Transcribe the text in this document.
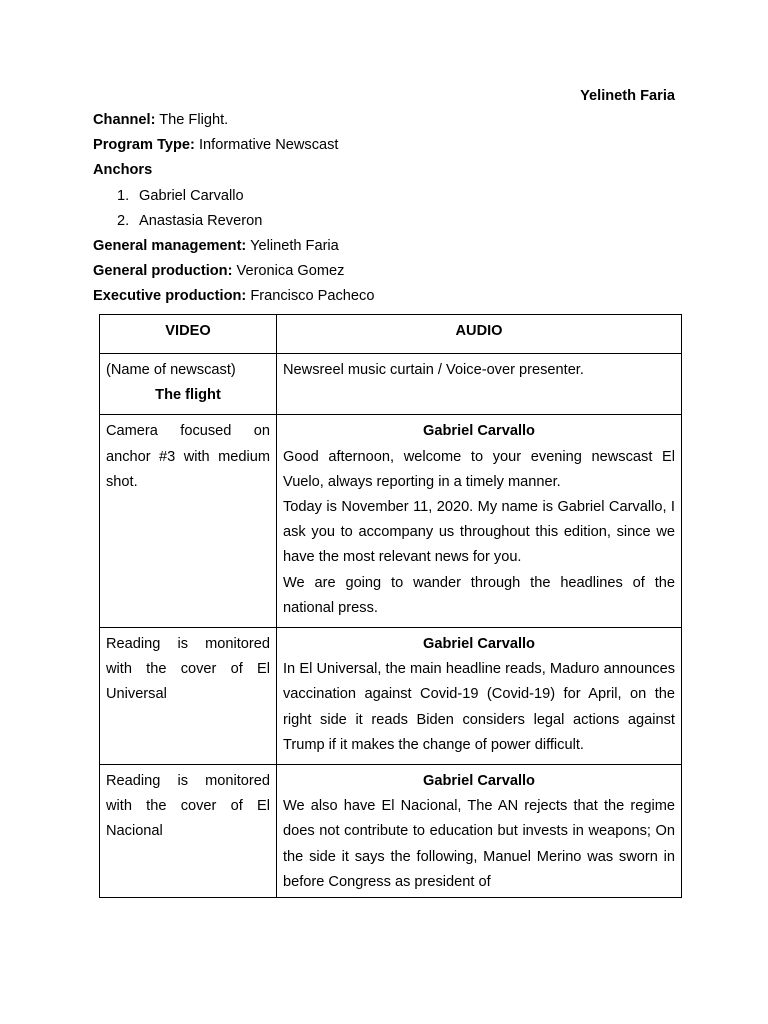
Yelineth Faria
Channel: The Flight.
Program Type: Informative Newscast
Anchors
1. Gabriel Carvallo
2. Anastasia Reveron
General management: Yelineth Faria
General production: Veronica Gomez
Executive production: Francisco Pacheco
VIDEO	AUDIO

(Name of newscast)
The flight	Newsreel music curtain / Voice-over presenter.

Camera focused on anchor #3 with medium shot.	Gabriel Carvallo
Good afternoon, welcome to your evening newscast El Vuelo, always reporting in a timely manner.
Today is November 11, 2020. My name is Gabriel Carvallo, I ask you to accompany us throughout this edition, since we have the most relevant news for you.
We are going to wander through the headlines of the national press.

Reading is monitored with the cover of El Universal	Gabriel Carvallo
In El Universal, the main headline reads, Maduro announces vaccination against Covid-19 (Covid-19) for April, on the right side it reads Biden considers legal actions against Trump if it makes the change of power difficult.

Reading is monitored with the cover of El Nacional	Gabriel Carvallo
We also have El Nacional, The AN rejects that the regime does not contribute to education but invests in weapons; On the side it says the following, Manuel Merino was sworn in before Congress as president of
